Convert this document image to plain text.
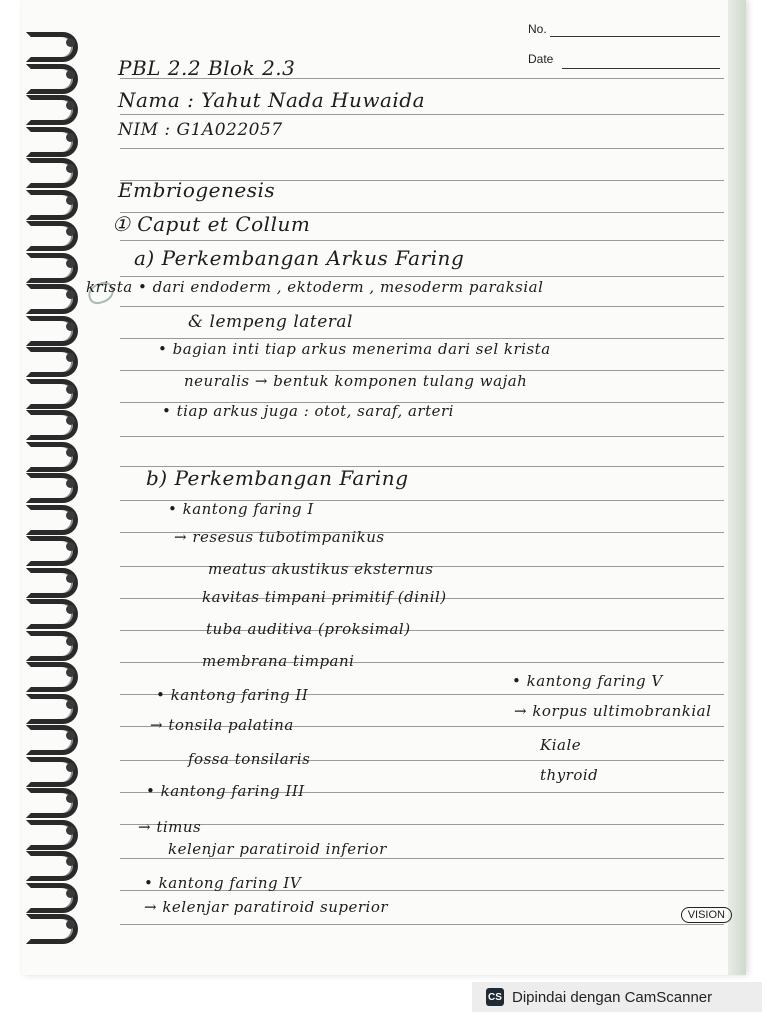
No.
Date
PBL 2.2 Blok 2.3
Nama : Yahut Nada Huwaida
NIM : G1A022057
Embriogenesis
① Caput et Collum
a) Perkembangan Arkus Faring
krista • dari endoderm , ektoderm , mesoderm paraksial
& lempeng lateral
• bagian inti tiap arkus menerima dari sel krista
neuralis → bentuk komponen tulang wajah
• tiap arkus juga : otot, saraf, arteri
b) Perkembangan Faring
• kantong faring I
→ resesus tubotimpanikus
meatus akustikus eksternus
kavitas timpani primitif (dinil)
tuba auditiva (proksimal)
membrana timpani
• kantong faring II
→ tonsila palatina
fossa tonsilaris
• kantong faring III
→ timus
kelenjar paratiroid inferior
• kantong faring IV
→ kelenjar paratiroid superior
• kantong faring V
→ korpus ultimobrankial
Kiale
thyroid
VISION
CS Dipindai dengan CamScanner
